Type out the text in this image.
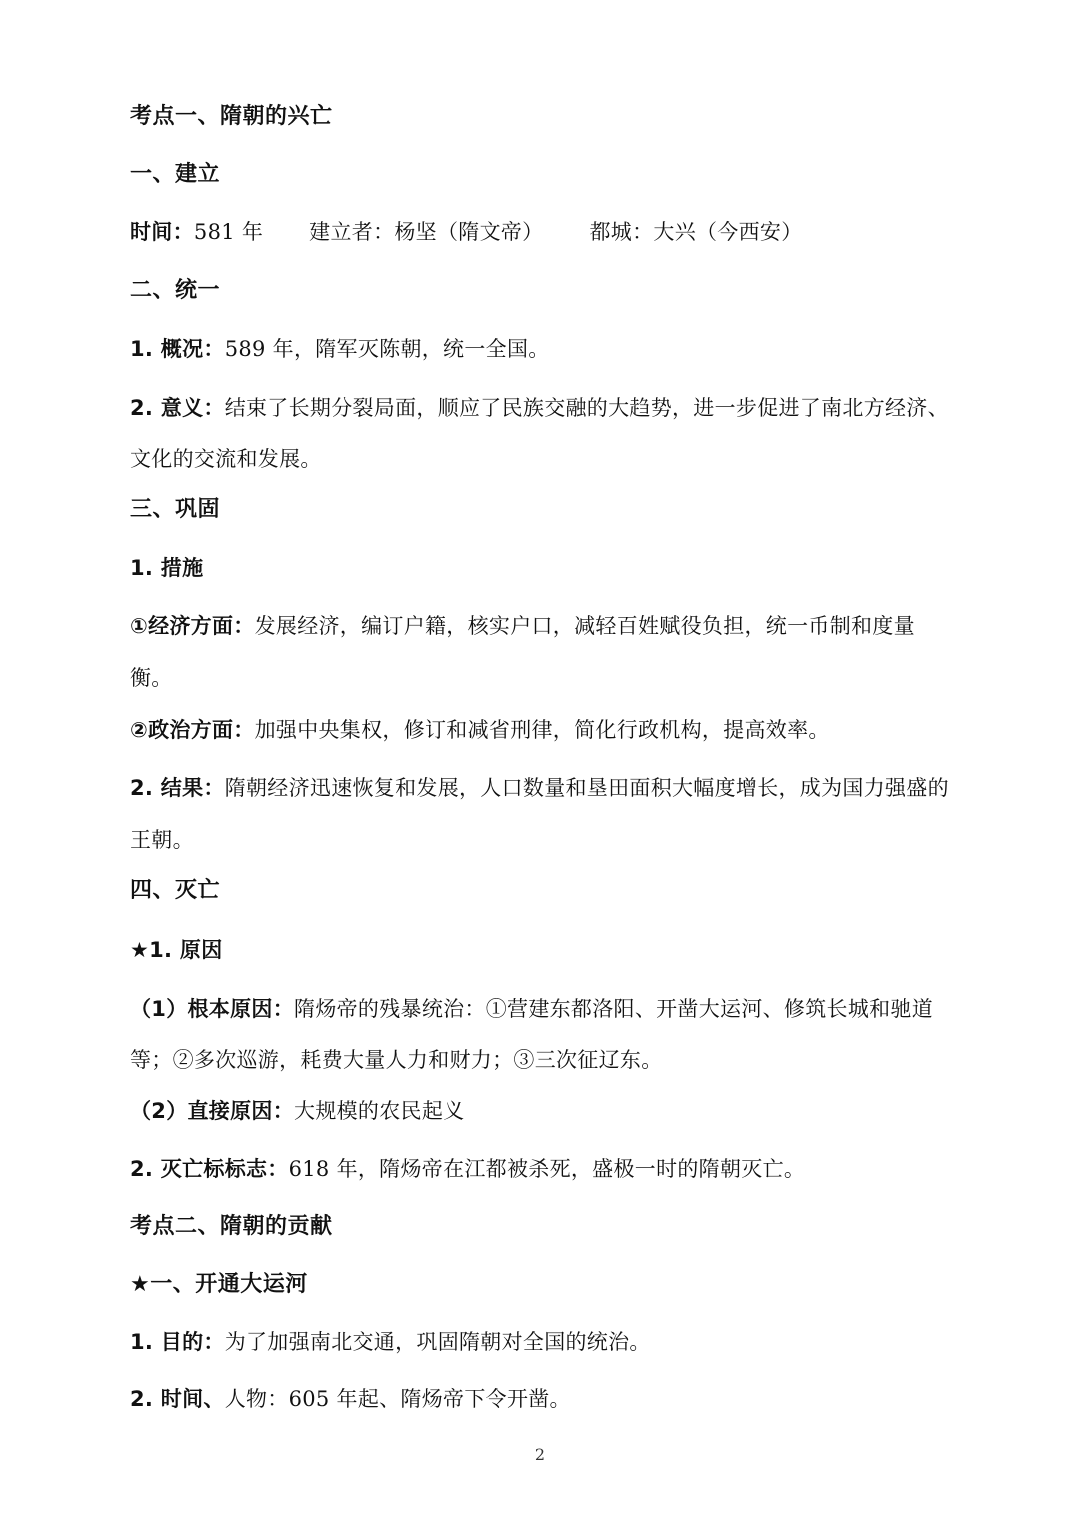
考点一、隋朝的兴亡
一、建立
时间：581 年 建立者：杨坚（隋文帝） 都城：大兴（今西安）
二、统一
1. 概况：589 年，隋军灭陈朝，统一全国。
2. 意义：结束了长期分裂局面，顺应了民族交融的大趋势，进一步促进了南北方经济、
文化的交流和发展。
三、巩固
1. 措施
①经济方面：发展经济，编订户籍，核实户口，减轻百姓赋役负担，统一币制和度量
衡。
②政治方面：加强中央集权，修订和减省刑律，简化行政机构，提高效率。
2. 结果：隋朝经济迅速恢复和发展，人口数量和垦田面积大幅度增长，成为国力强盛的
王朝。
四、灭亡
★1. 原因
（1）根本原因：隋炀帝的残暴统治：①营建东都洛阳、开凿大运河、修筑长城和驰道
等；②多次巡游，耗费大量人力和财力；③三次征辽东。
（2）直接原因：大规模的农民起义
2. 灭亡标标志：618 年，隋炀帝在江都被杀死，盛极一时的隋朝灭亡。
考点二、隋朝的贡献
★一、开通大运河
1. 目的：为了加强南北交通，巩固隋朝对全国的统治。
2. 时间、人物：605 年起、隋炀帝下令开凿。
2
